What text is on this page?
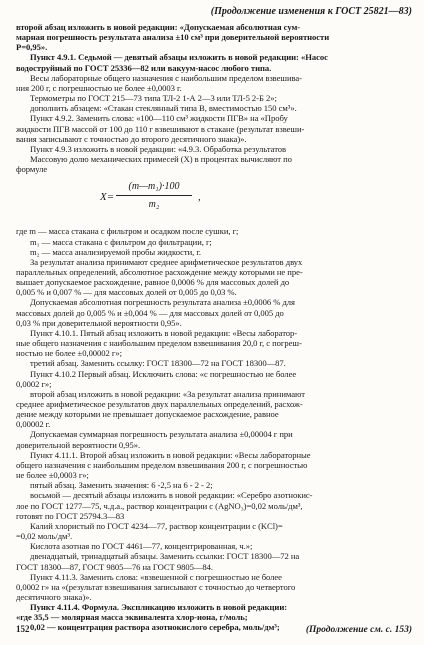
(Продолжение изменения к ГОСТ 25821—83)
второй абзац изложить в новой редакции: «Допускаемая абсолютная сум-
марная погрешность результата анализа ±10 см³ при доверительной вероятности
Р=0,95».
Пункт 4.9.1. Седьмой — девятый абзацы изложить в новой редакции: «Насос
водоструйный по ГОСТ 25336—82 или вакуум-насос любого типа.
Весы лабораторные общего назначения с наибольшим пределом взвешива-
ния 200 г, с погрешностью не более ±0,0003 г.
Термометры по ГОСТ 215—73 типа ТЛ-2 1-А 2—3 или ТЛ-5 2-Б 2»;
дополнить абзацем: «Стакан стеклянный типа В, вместимостью 150 см³».
Пункт 4.9.2. Заменить слова: «100—110 см³ жидкости ПГВ» на «Пробу
жидкости ПГВ массой от 100 до 110 г взвешивают в стакане (результат взвеши-
вания записывают с точностью до второго десятичного знака)».
Пункт 4.9.3 изложить в новой редакции: «4.9.3. Обработка результатов
Массовую долю механических примесей (X) в процентах вычисляют по
формуле
X=
(m—m₁)·100
m₂
,
где m — масса стакана с фильтром и осадком после сушки, г;
m₁ — масса стакана с фильтром до фильтрации, г;
m₂ — масса анализируемой пробы жидкости, г.
За результат анализа принимают среднее арифметическое результатов двух
параллельных определений, абсолютное расхождение между которыми не пре-
вышает допускаемое расхождение, равное 0,0006 % для массовых долей до
0,005 % и 0,007 % — для массовых долей от 0,005 до 0,03 %.
Допускаемая абсолютная погрешность результата анализа ±0,0006 % для
массовых долей до 0,005 % и ±0,004 % — для массовых долей от 0,005 до
0,03 % при доверительной вероятности 0,95».
Пункт 4.10.1. Пятый абзац изложить в новой редакции: «Весы лаборатор-
ные общего назначения с наибольшим пределом взвешивания 20,0 г, с погреш-
ностью не более ±0,00002 г»;
третий абзац. Заменить ссылку: ГОСТ 18300—72 на ГОСТ 18300—87.
Пункт 4.10.2 Первый абзац. Исключить слова: «с погрешностью не более
0,0002 г»;
второй абзац изложить в новой редакции: «За результат анализа принимают
среднее арифметическое результатов двух параллельных определений, расхож-
дение между которыми не превышает допускаемое расхождение, равное
0,00002 г.
Допускаемая суммарная погрешность результата анализа ±0,00004 г при
доверительной вероятности 0,95».
Пункт 4.11.1. Второй абзац изложить в новой редакции: «Весы лабораторные
общего назначения с наибольшим пределом взвешивания 200 г, с погрешностью
не более ±0,0003 г»;
пятый абзац. Заменить значения: 6 -2,5 на 6 - 2 - 2;
восьмой — десятый абзацы изложить в новой редакции: «Серебро азотнокис-
лое по ГОСТ 1277—75, ч.д.а., раствор концентрации c (AgNO₃)=0,02 моль/дм³,
готовят по ГОСТ 25794.3—83
Калий хлористый по ГОСТ 4234—77, раствор концентрации c (KCl)=
=0,02 моль/дм³.
Кислота азотная по ГОСТ 4461—77, концентрированная, ч.»;
двенадцатый, тринадцатый абзацы. Заменить ссылки: ГОСТ 18300—72 на
ГОСТ 18300—87, ГОСТ 9805—76 на ГОСТ 9805—84.
Пункт 4.11.3. Заменить слова: «взвешенной с погрешностью не более
0,0002 г» на «(результат взвешивания записывают с точностью до четвертого
десятичного знака)».
Пункт 4.11.4. Формула. Экспликацию изложить в новой редакции:
«где 35,5 — молярная масса эквивалента хлор-иона, г/моль;
0,02 — концентрация раствора азотнокислого серебра, моль/дм³;
152	(Продолжение см. с. 153)
